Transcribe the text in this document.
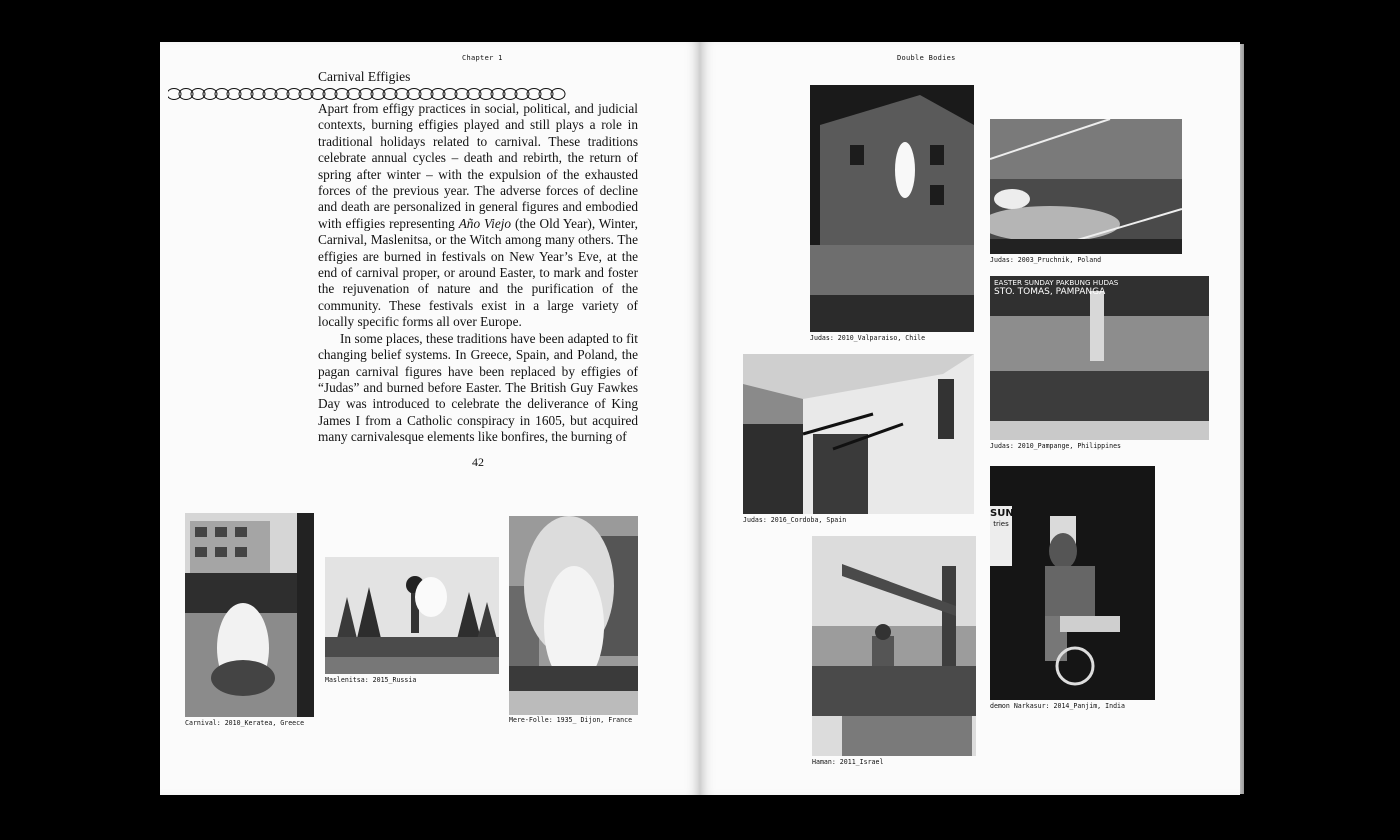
Chapter 1
Carnival Effigies

Apart from effigy practices in social, political, and judicial contexts, burning effigies played and still plays a role in traditional holidays related to carnival. These traditions celebrate annual cycles – death and rebirth, the return of spring after winter – with the expulsion of the exhausted forces of the previous year. The adverse forces of decline and death are personalized in general figures and embodied with effigies representing Año Viejo (the Old Year), Winter, Carnival, Maslenitsa, or the Witch among many others. The effigies are burned in festivals on New Year’s Eve, at the end of carnival proper, or around Easter, to mark and foster the rejuvenation of nature and the purification of the community. These festivals exist in a large variety of locally specific forms all over Europe.

In some places, these traditions have been adapted to fit changing belief systems. In Greece, Spain, and Poland, the pagan carnival figures have been replaced by effigies of “Judas” and burned before Easter. The British Guy Fawkes Day was introduced to celebrate the deliverance of King James I from a Catholic conspiracy in 1605, but acquired many carnivalesque elements like bonfires, the burning of

42
Carnival: 2010_Keratea, Greece
Maslenitsa: 2015_Russia
Mere-Folle: 1935_ Dijon, France
Double Bodies
Judas: 2010_Valparaiso, Chile
Judas: 2003_Pruchnik, Poland
EASTER SUNDAY PAKBUNG HUDAS
STO. TOMAS, PAMPANGA
Judas: 2010_Pampange, Philippines
Judas: 2016_Cordoba, Spain
Haman: 2011_Israel
SUN
tries
demon Narkasur: 2014_Panjim, India
